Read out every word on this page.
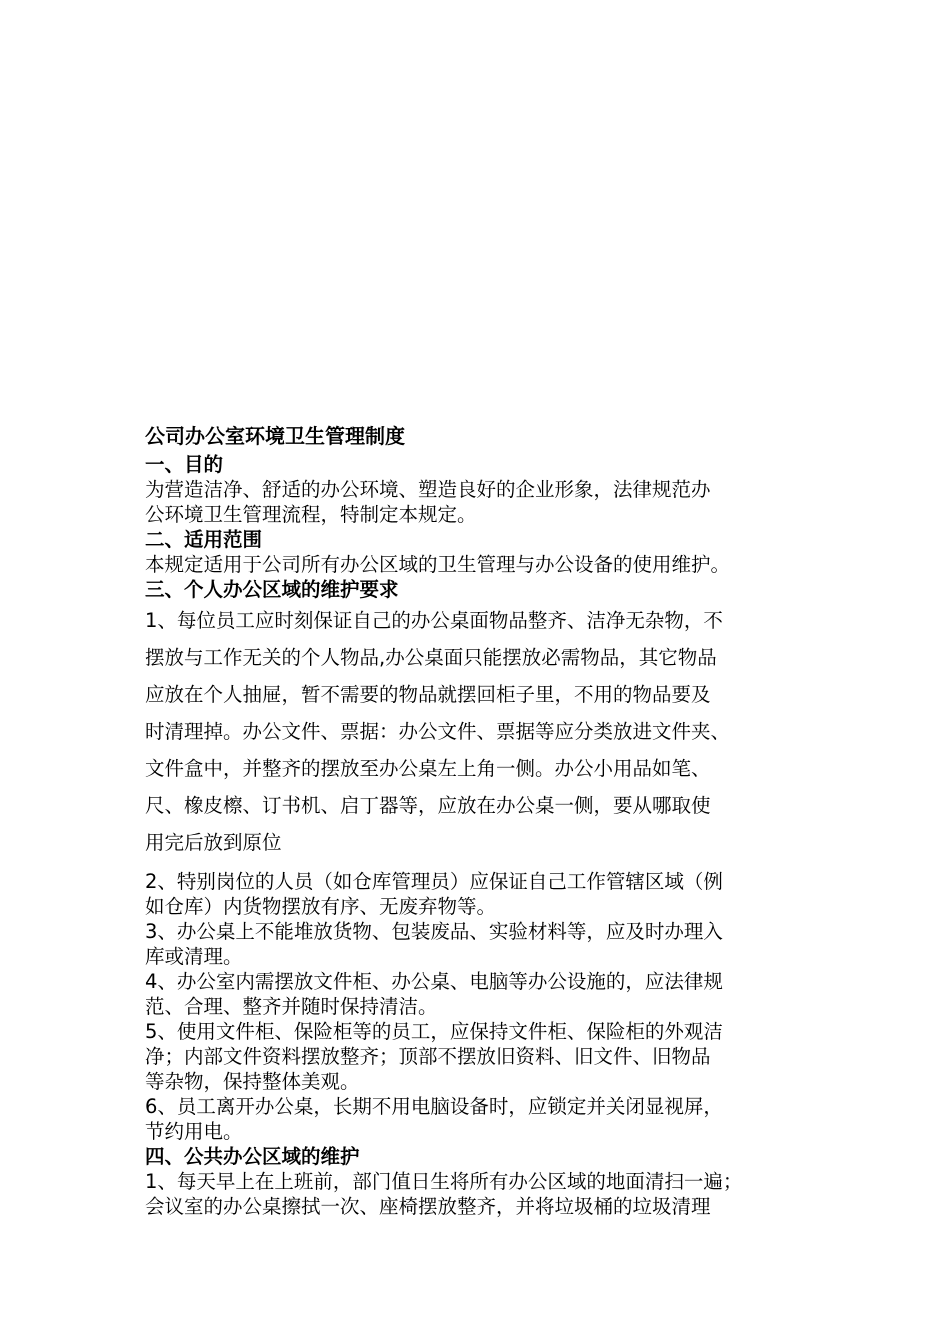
公司办公室环境卫生管理制度

一、目的

为营造洁净、舒适的办公环境、塑造良好的企业形象，法律规范办

公环境卫生管理流程，特制定本规定。

二、适用范围

本规定适用于公司所有办公区域的卫生管理与办公设备的使用维护。

三、个人办公区域的维护要求

1、每位员工应时刻保证自己的办公桌面物品整齐、洁净无杂物，不

摆放与工作无关的个人物品,办公桌面只能摆放必需物品，其它物品

应放在个人抽屉，暂不需要的物品就摆回柜子里，不用的物品要及

时清理掉。办公文件、票据：办公文件、票据等应分类放进文件夹、

文件盒中，并整齐的摆放至办公桌左上角一侧。办公小用品如笔、

尺、橡皮檫、订书机、启丁器等，应放在办公桌一侧，要从哪取使

用完后放到原位

2、特别岗位的人员（如仓库管理员）应保证自己工作管辖区域（例

如仓库）内货物摆放有序、无废弃物等。

3、办公桌上不能堆放货物、包装废品、实验材料等，应及时办理入

库或清理。

4、办公室内需摆放文件柜、办公桌、电脑等办公设施的，应法律规

范、合理、整齐并随时保持清洁。

5、使用文件柜、保险柜等的员工，应保持文件柜、保险柜的外观洁

净；内部文件资料摆放整齐；顶部不摆放旧资料、旧文件、旧物品

等杂物，保持整体美观。

6、员工离开办公桌，长期不用电脑设备时，应锁定并关闭显视屏，

节约用电。

四、公共办公区域的维护

1、每天早上在上班前，部门值日生将所有办公区域的地面清扫一遍；

会议室的办公桌擦拭一次、座椅摆放整齐，并将垃圾桶的垃圾清理
